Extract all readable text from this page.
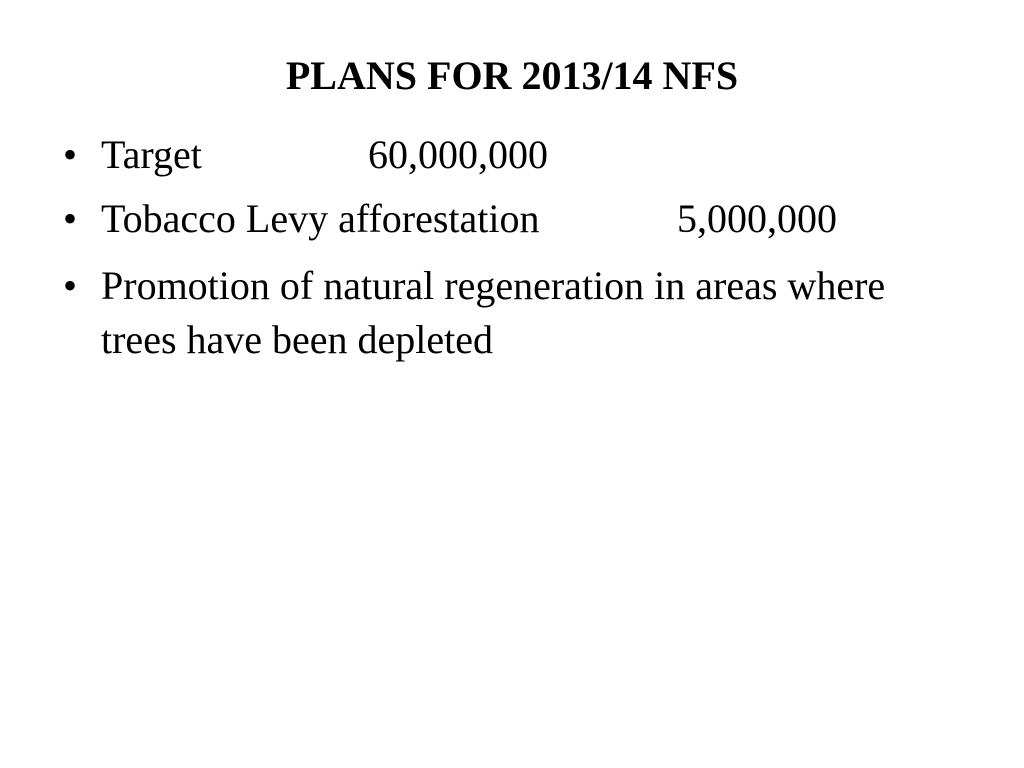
PLANS FOR 2013/14 NFS
• Target	60,000,000
• Tobacco Levy afforestation	5,000,000
• Promotion of natural regeneration in areas where trees have been depleted
